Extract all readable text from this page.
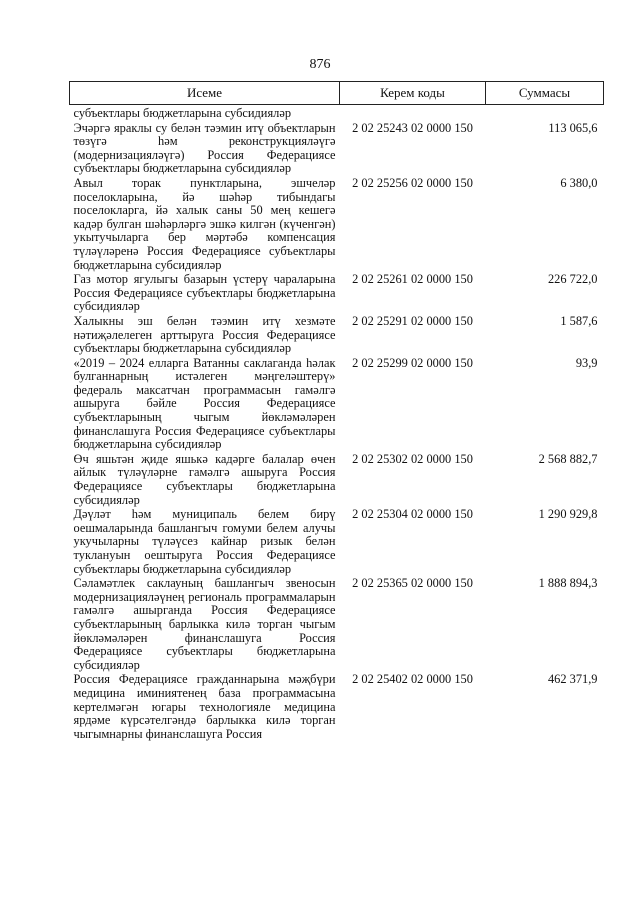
876
Исеме	Керем коды	Суммасы
субъектлары бюджетларына субсидияләр		
Эчәргә яраклы су белән тәэмин итү объектларын төзүгә һәм реконструкцияләүгә (модернизацияләүгә) Россия Федерациясе субъектлары бюджетларына субсидияләр	2 02 25243 02 0000 150	113 065,6
Авыл торак пунктларына, эшчеләр поселокларына, йә шәһәр тибындагы поселокларга, йә халык саны 50 мең кешегә кадәр булган шәһәрләргә эшкә килгән (күченгән) укытучыларга бер мәртәбә компенсация түләүләренә Россия Федерациясе субъектлары бюджетларына субсидияләр	2 02 25256 02 0000 150	6 380,0
Газ мотор ягулыгы базарын үстерү чараларына Россия Федерациясе субъектлары бюджетларына субсидияләр	2 02 25261 02 0000 150	226 722,0
Халыкны эш белән тәэмин итү хезмәте нәтиҗәлелеген арттыруга Россия Федерациясе субъектлары бюджетларына субсидияләр	2 02 25291 02 0000 150	1 587,6
«2019 – 2024 елларга Ватанны саклаганда һәлак булганнарның истәлеген мәңгеләштерү» федераль максатчан программасын гамәлгә ашыруга бәйле Россия Федерациясе субъектларының чыгым йөкләмәләрен финанслашуга Россия Федерациясе субъектлары бюджетларына субсидияләр	2 02 25299 02 0000 150	93,9
Өч яшьтән җиде яшькә кадәрге балалар өчен айлык түләүләрне гамәлгә ашыруга Россия Федерациясе субъектлары бюджетларына субсидияләр	2 02 25302 02 0000 150	2 568 882,7
Дәүләт һәм муниципаль белем бирү оешмаларында башлангыч гомуми белем алучы укучыларны түләүсез кайнар ризык белән туклануын оештыруга Россия Федерациясе субъектлары бюджетларына субсидияләр	2 02 25304 02 0000 150	1 290 929,8
Сәламәтлек саклауның башлангыч звеносын модернизацияләүнең региональ программаларын гамәлгә ашырганда Россия Федерациясе субъектларының барлыкка килә торган чыгым йөкләмәләрен финанслашуга Россия Федерациясе субъектлары бюджетларына субсидияләр	2 02 25365 02 0000 150	1 888 894,3
Россия Федерациясе гражданнарына мәҗбүри медицина иминиятенең база программасына кертелмәгән югары технологияле медицина ярдәме күрсәтелгәндә барлыкка килә торган чыгымнарны финанслашуга Россия	2 02 25402 02 0000 150	462 371,9
